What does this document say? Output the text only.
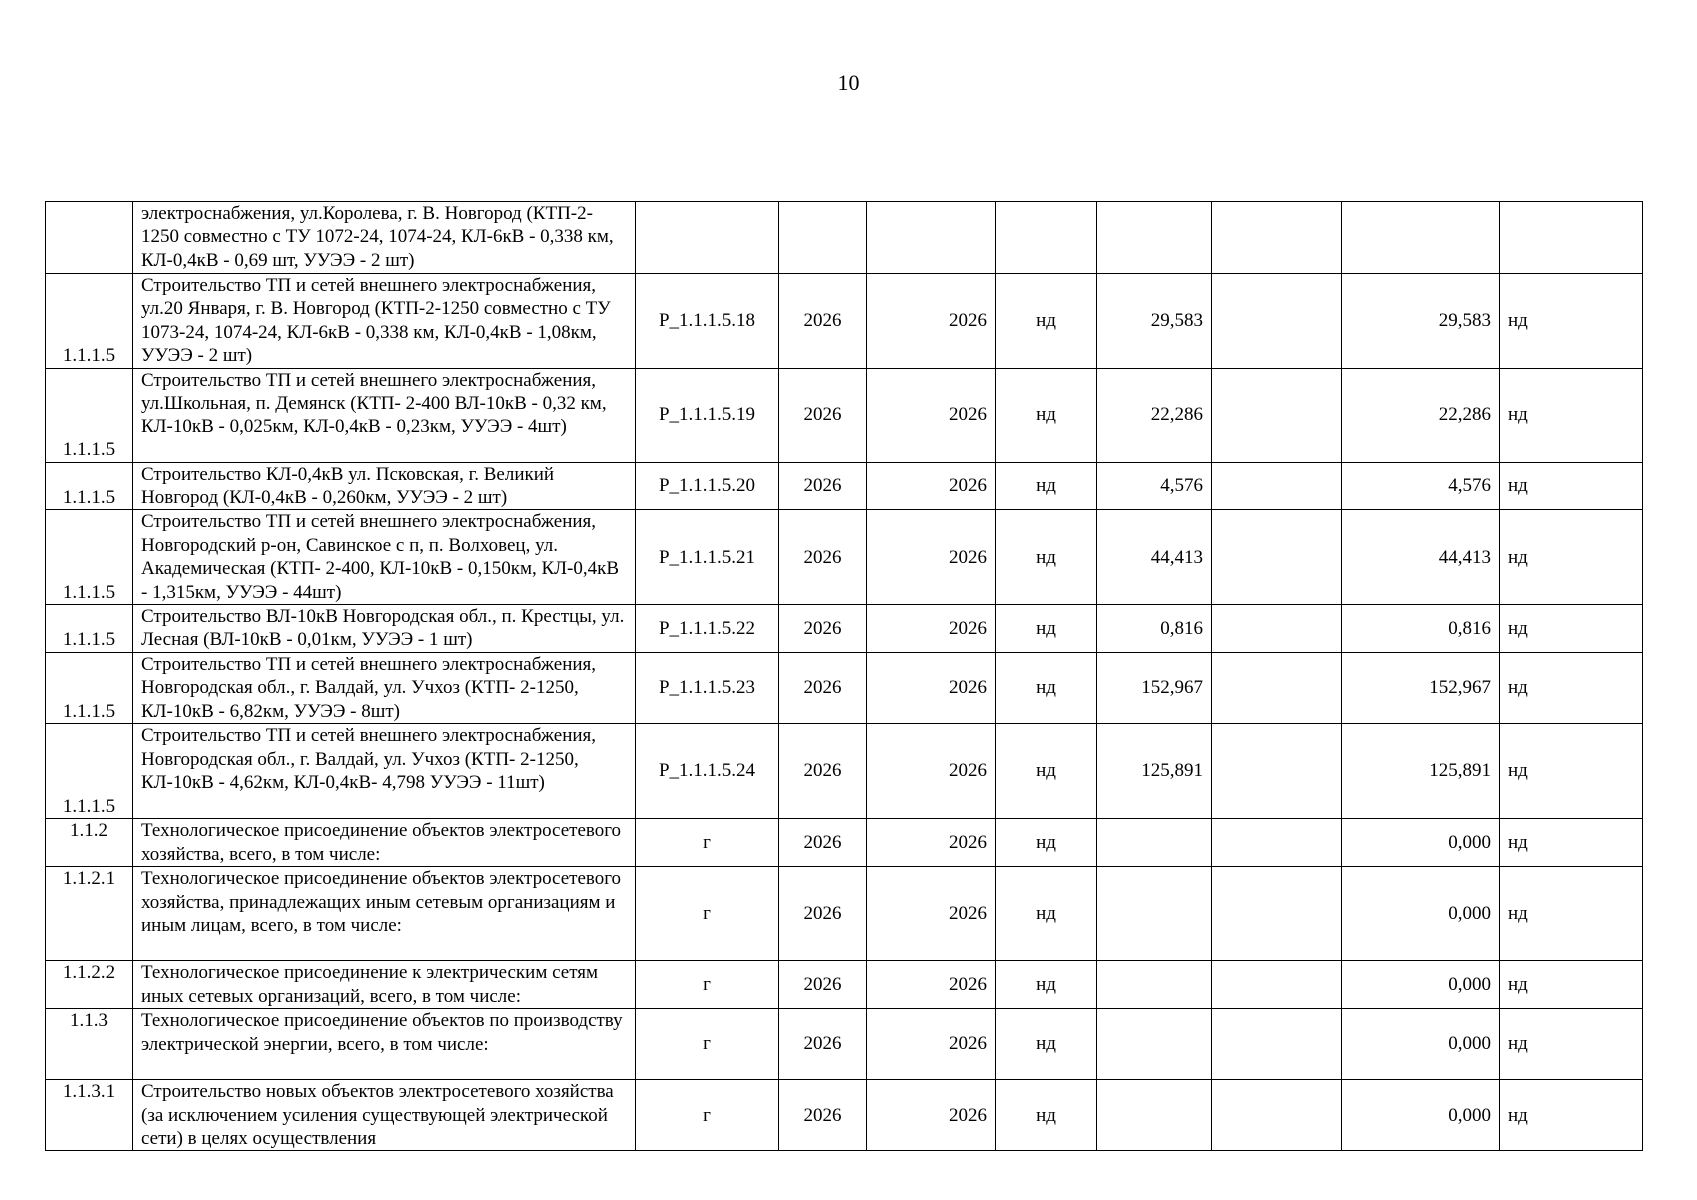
10
	электроснабжения, ул.Королева, г. В. Новгород (КТП-2-1250 совместно с ТУ 1072-24, 1074-24, КЛ-6кВ - 0,338 км, КЛ-0,4кВ - 0,69 шт, УУЭЭ - 2 шт)								
1.1.1.5	Строительство ТП и сетей внешнего электроснабжения, ул.20 Января, г. В. Новгород (КТП-2-1250 совместно с ТУ 1073-24, 1074-24, КЛ-6кВ - 0,338 км, КЛ-0,4кВ - 1,08км, УУЭЭ - 2 шт)	P_1.1.1.5.18	2026	2026	нд	29,583		29,583	нд
1.1.1.5	Строительство ТП и сетей внешнего электроснабжения, ул.Школьная, п. Демянск (КТП- 2-400 ВЛ-10кВ - 0,32 км, КЛ-10кВ - 0,025км, КЛ-0,4кВ - 0,23км, УУЭЭ - 4шт)	P_1.1.1.5.19	2026	2026	нд	22,286		22,286	нд
1.1.1.5	Строительство КЛ-0,4кВ ул. Псковская, г. Великий Новгород (КЛ-0,4кВ - 0,260км, УУЭЭ - 2 шт)	P_1.1.1.5.20	2026	2026	нд	4,576		4,576	нд
1.1.1.5	Строительство ТП и сетей внешнего электроснабжения, Новгородский р-он, Савинское с п, п. Волховец, ул. Академическая (КТП- 2-400, КЛ-10кВ - 0,150км, КЛ-0,4кВ - 1,315км, УУЭЭ - 44шт)	P_1.1.1.5.21	2026	2026	нд	44,413		44,413	нд
1.1.1.5	Строительство ВЛ-10кВ Новгородская обл., п. Крестцы, ул. Лесная (ВЛ-10кВ - 0,01км, УУЭЭ - 1 шт)	P_1.1.1.5.22	2026	2026	нд	0,816		0,816	нд
1.1.1.5	Строительство ТП и сетей внешнего электроснабжения, Новгородская обл., г. Валдай, ул. Учхоз (КТП- 2-1250, КЛ-10кВ - 6,82км, УУЭЭ - 8шт)	P_1.1.1.5.23	2026	2026	нд	152,967		152,967	нд
1.1.1.5	Строительство ТП и сетей внешнего электроснабжения, Новгородская обл., г. Валдай, ул. Учхоз (КТП- 2-1250, КЛ-10кВ - 4,62км, КЛ-0,4кВ- 4,798 УУЭЭ - 11шт)	P_1.1.1.5.24	2026	2026	нд	125,891		125,891	нд
1.1.2	Технологическое присоединение объектов электросетевого хозяйства, всего, в том числе:	г	2026	2026	нд			0,000	нд
1.1.2.1	Технологическое присоединение объектов электросетевого хозяйства, принадлежащих иным сетевым организациям и иным лицам, всего, в том числе:	г	2026	2026	нд			0,000	нд
1.1.2.2	Технологическое присоединение к электрическим сетям иных сетевых организаций, всего, в том числе:	г	2026	2026	нд			0,000	нд
1.1.3	Технологическое присоединение объектов по производству электрической энергии, всего, в том числе:	г	2026	2026	нд			0,000	нд
1.1.3.1	Строительство новых объектов электросетевого хозяйства (за исключением усиления существующей электрической сети) в целях осуществления	г	2026	2026	нд			0,000	нд
